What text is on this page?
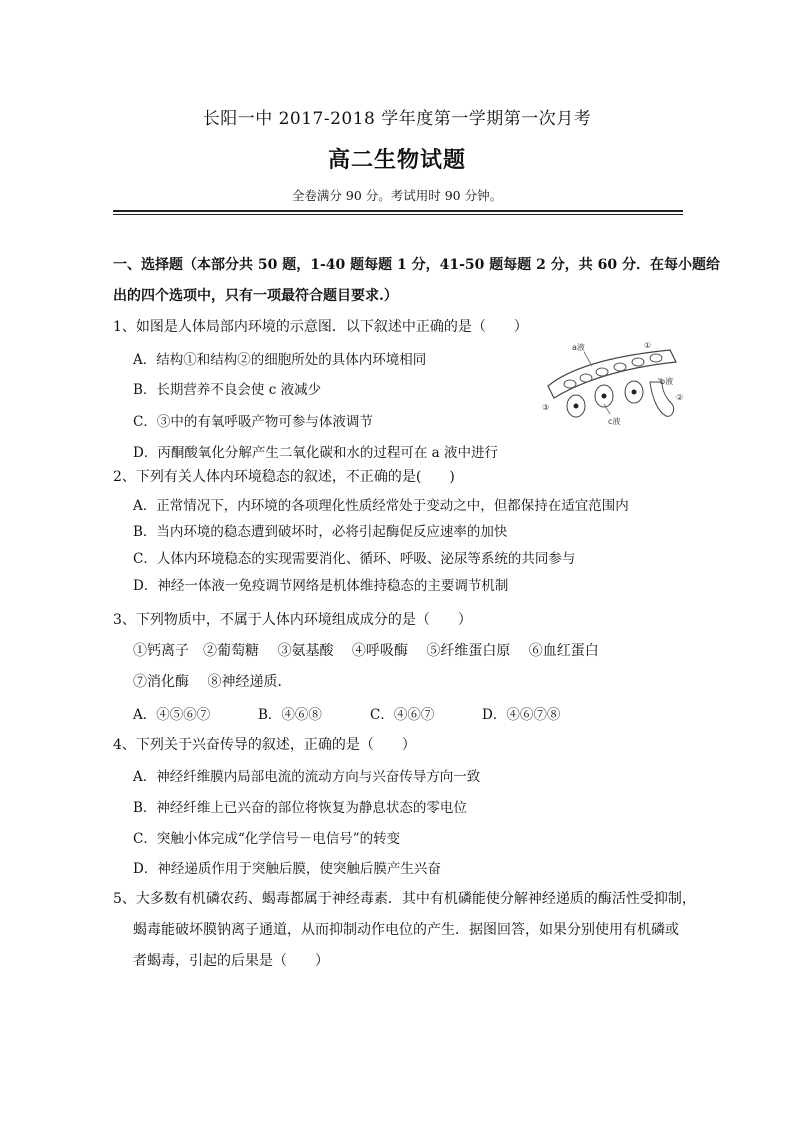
长阳一中 2017-2018 学年度第一学期第一次月考
高二生物试题
全卷满分 90 分。考试用时 90 分钟。
一、选择题（本部分共 50 题，1-40 题每题 1 分，41-50 题每题 2 分，共 60 分．在每小题给
出的四个选项中，只有一项最符合题目要求.）
1、如图是人体局部内环境的示意图．以下叙述中正确的是（　　）
A．结构①和结构②的细胞所处的具体内环境相同
B．长期营养不良会使 c 液减少
C．③中的有氧呼吸产物可参与体液调节
D．丙酮酸氧化分解产生二氧化碳和水的过程可在 a 液中进行
a液
b液
c液
①
②
③
2、下列有关人体内环境稳态的叙述，不正确的是(　　)
A．正常情况下，内环境的各项理化性质经常处于变动之中，但都保持在适宜范围内
B．当内环境的稳态遭到破坏时，必将引起酶促反应速率的加快
C．人体内环境稳态的实现需要消化、循环、呼吸、泌尿等系统的共同参与
D．神经一体液一免疫调节网络是机体维持稳态的主要调节机制
3、下列物质中，不属于人体内环境组成成分的是（　　）
①钙离子　②葡萄糖　 ③氨基酸 　④呼吸酶 　⑤纤维蛋白原 　⑥血红蛋白
⑦消化酶 　⑧神经递质．
A．④⑤⑥⑦	B．④⑥⑧	C．④⑥⑦	D．④⑥⑦⑧
4、下列关于兴奋传导的叙述，正确的是（　　）
A．神经纤维膜内局部电流的流动方向与兴奋传导方向一致
B．神经纤维上已兴奋的部位将恢复为静息状态的零电位
C．突触小体完成“化学信号－电信号”的转变
D．神经递质作用于突触后膜，使突触后膜产生兴奋
5、大多数有机磷农药、蝎毒都属于神经毒素．其中有机磷能使分解神经递质的酶活性受抑制，
蝎毒能破坏膜钠离子通道，从而抑制动作电位的产生．据图回答，如果分别使用有机磷或
者蝎毒，引起的后果是（　　）
